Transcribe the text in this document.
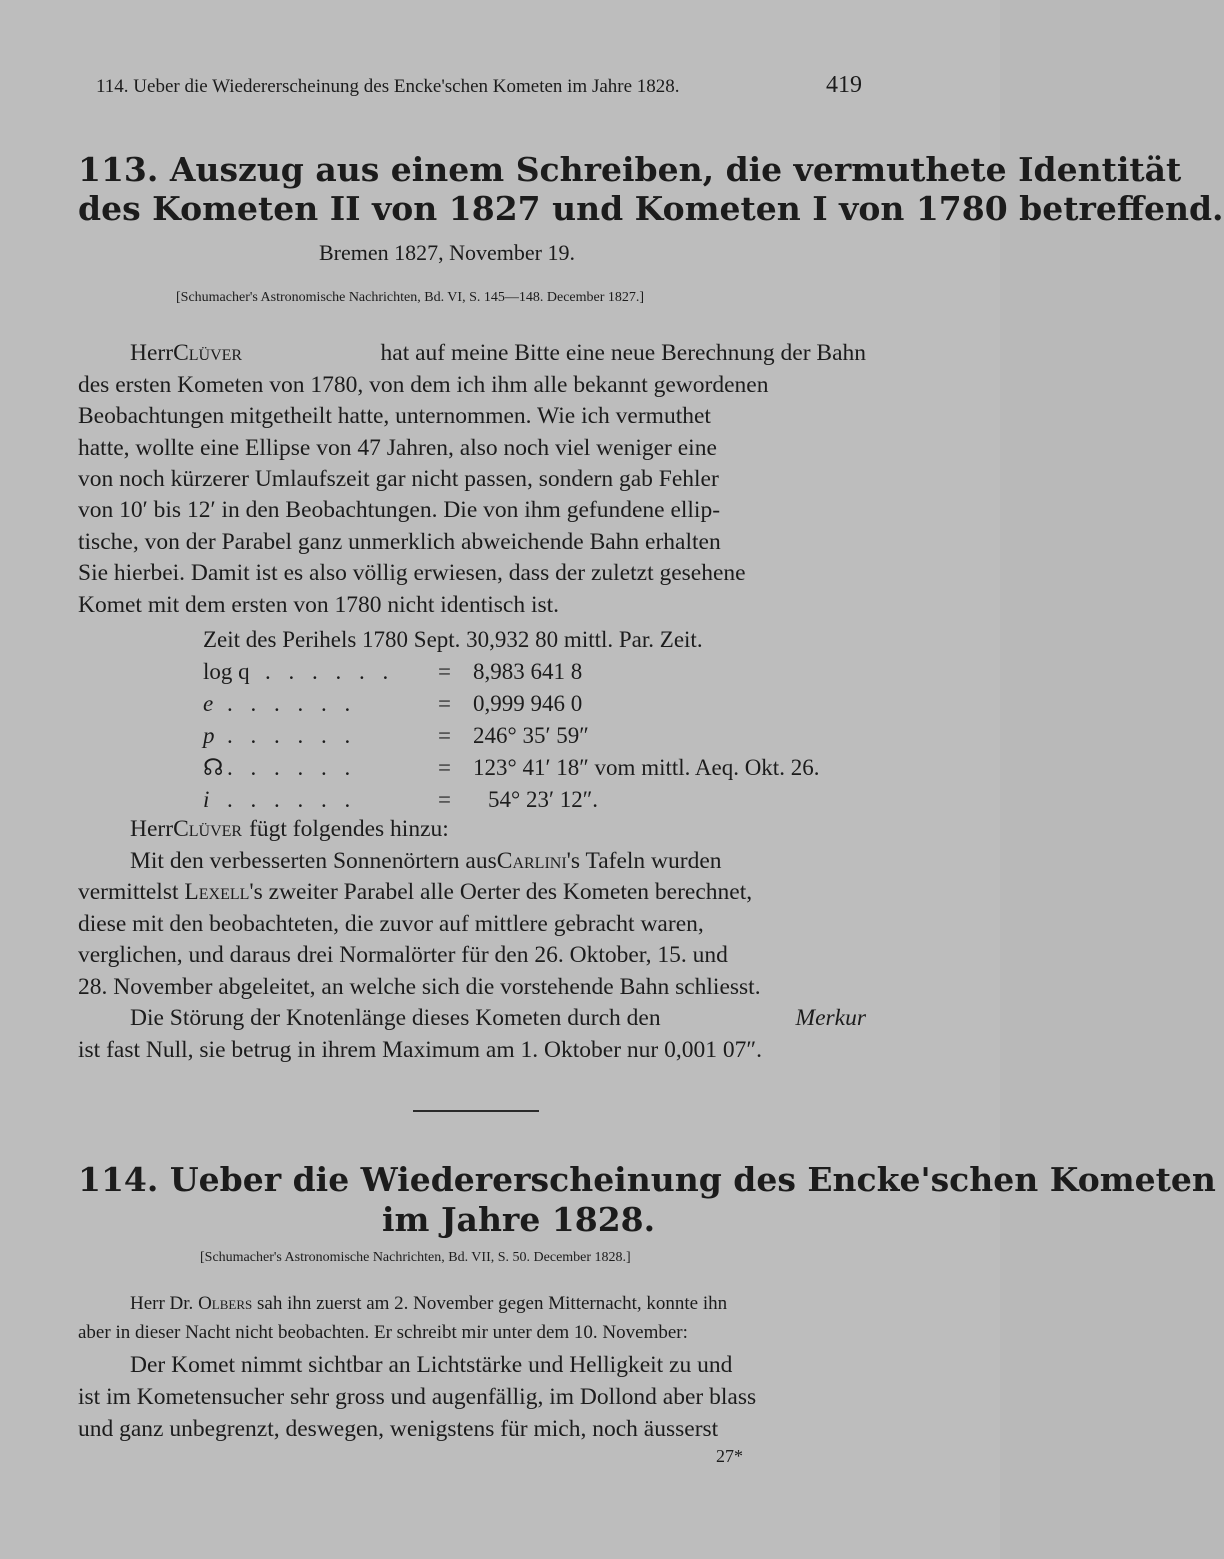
114. Ueber die Wiedererscheinung des Encke'schen Kometen im Jahre 1828.	419
113. Auszug aus einem Schreiben, die vermuthete Identität
des Kometen II von 1827 und Kometen I von 1780 betreffend.
Bremen 1827, November 19.
[Schumacher's Astronomische Nachrichten, Bd. VI, S. 145—148. December 1827.]
Herr Clüver	hat auf meine Bitte eine neue Berechnung der Bahn
des ersten Kometen von 1780, von dem ich ihm alle bekannt gewordenen
Beobachtungen mitgetheilt hatte, unternommen. Wie ich vermuthet
hatte, wollte eine Ellipse von 47 Jahren, also noch viel weniger eine
von noch kürzerer Umlaufszeit gar nicht passen, sondern gab Fehler
von 10′ bis 12′ in den Beobachtungen. Die von ihm gefundene ellip-
tische, von der Parabel ganz unmerklich abweichende Bahn erhalten
Sie hierbei. Damit ist es also völlig erwiesen, dass der zuletzt gesehene
Komet mit dem ersten von 1780 nicht identisch ist.
Zeit des Perihels 1780 Sept. 30,932 80 mittl. Par. Zeit.
log q . . . . . . = 8,983 641 8
e . . . . . .	= 0,999 946 0
p . . . . . .	= 246° 35′ 59″
☊ . . . . . .	= 123° 41′ 18″ vom mittl. Aeq. Okt. 26.
i . . . . . .	= 54° 23′ 12″.
Herr Clüver fügt folgendes hinzu:
Mit den verbesserten Sonnenörtern aus Carlini's Tafeln wurden
vermittelst Lexell's zweiter Parabel alle Oerter des Kometen berechnet,
diese mit den beobachteten, die zuvor auf mittlere gebracht waren,
verglichen, und daraus drei Normalörter für den 26. Oktober, 15. und
28. November abgeleitet, an welche sich die vorstehende Bahn schliesst.
Die Störung der Knotenlänge dieses Kometen durch den	Merkur
ist fast Null, sie betrug in ihrem Maximum am 1. Oktober nur 0,001 07″.
114. Ueber die Wiedererscheinung des Encke'schen Kometen
im Jahre 1828.
[Schumacher's Astronomische Nachrichten, Bd. VII, S. 50. December 1828.]
Herr Dr. Olbers sah ihn zuerst am 2. November gegen Mitternacht, konnte ihn
aber in dieser Nacht nicht beobachten. Er schreibt mir unter dem 10. November:
Der Komet nimmt sichtbar an Lichtstärke und Helligkeit zu und
ist im Kometensucher sehr gross und augenfällig, im Dollond aber blass
und ganz unbegrenzt, deswegen, wenigstens für mich, noch äusserst
27*
